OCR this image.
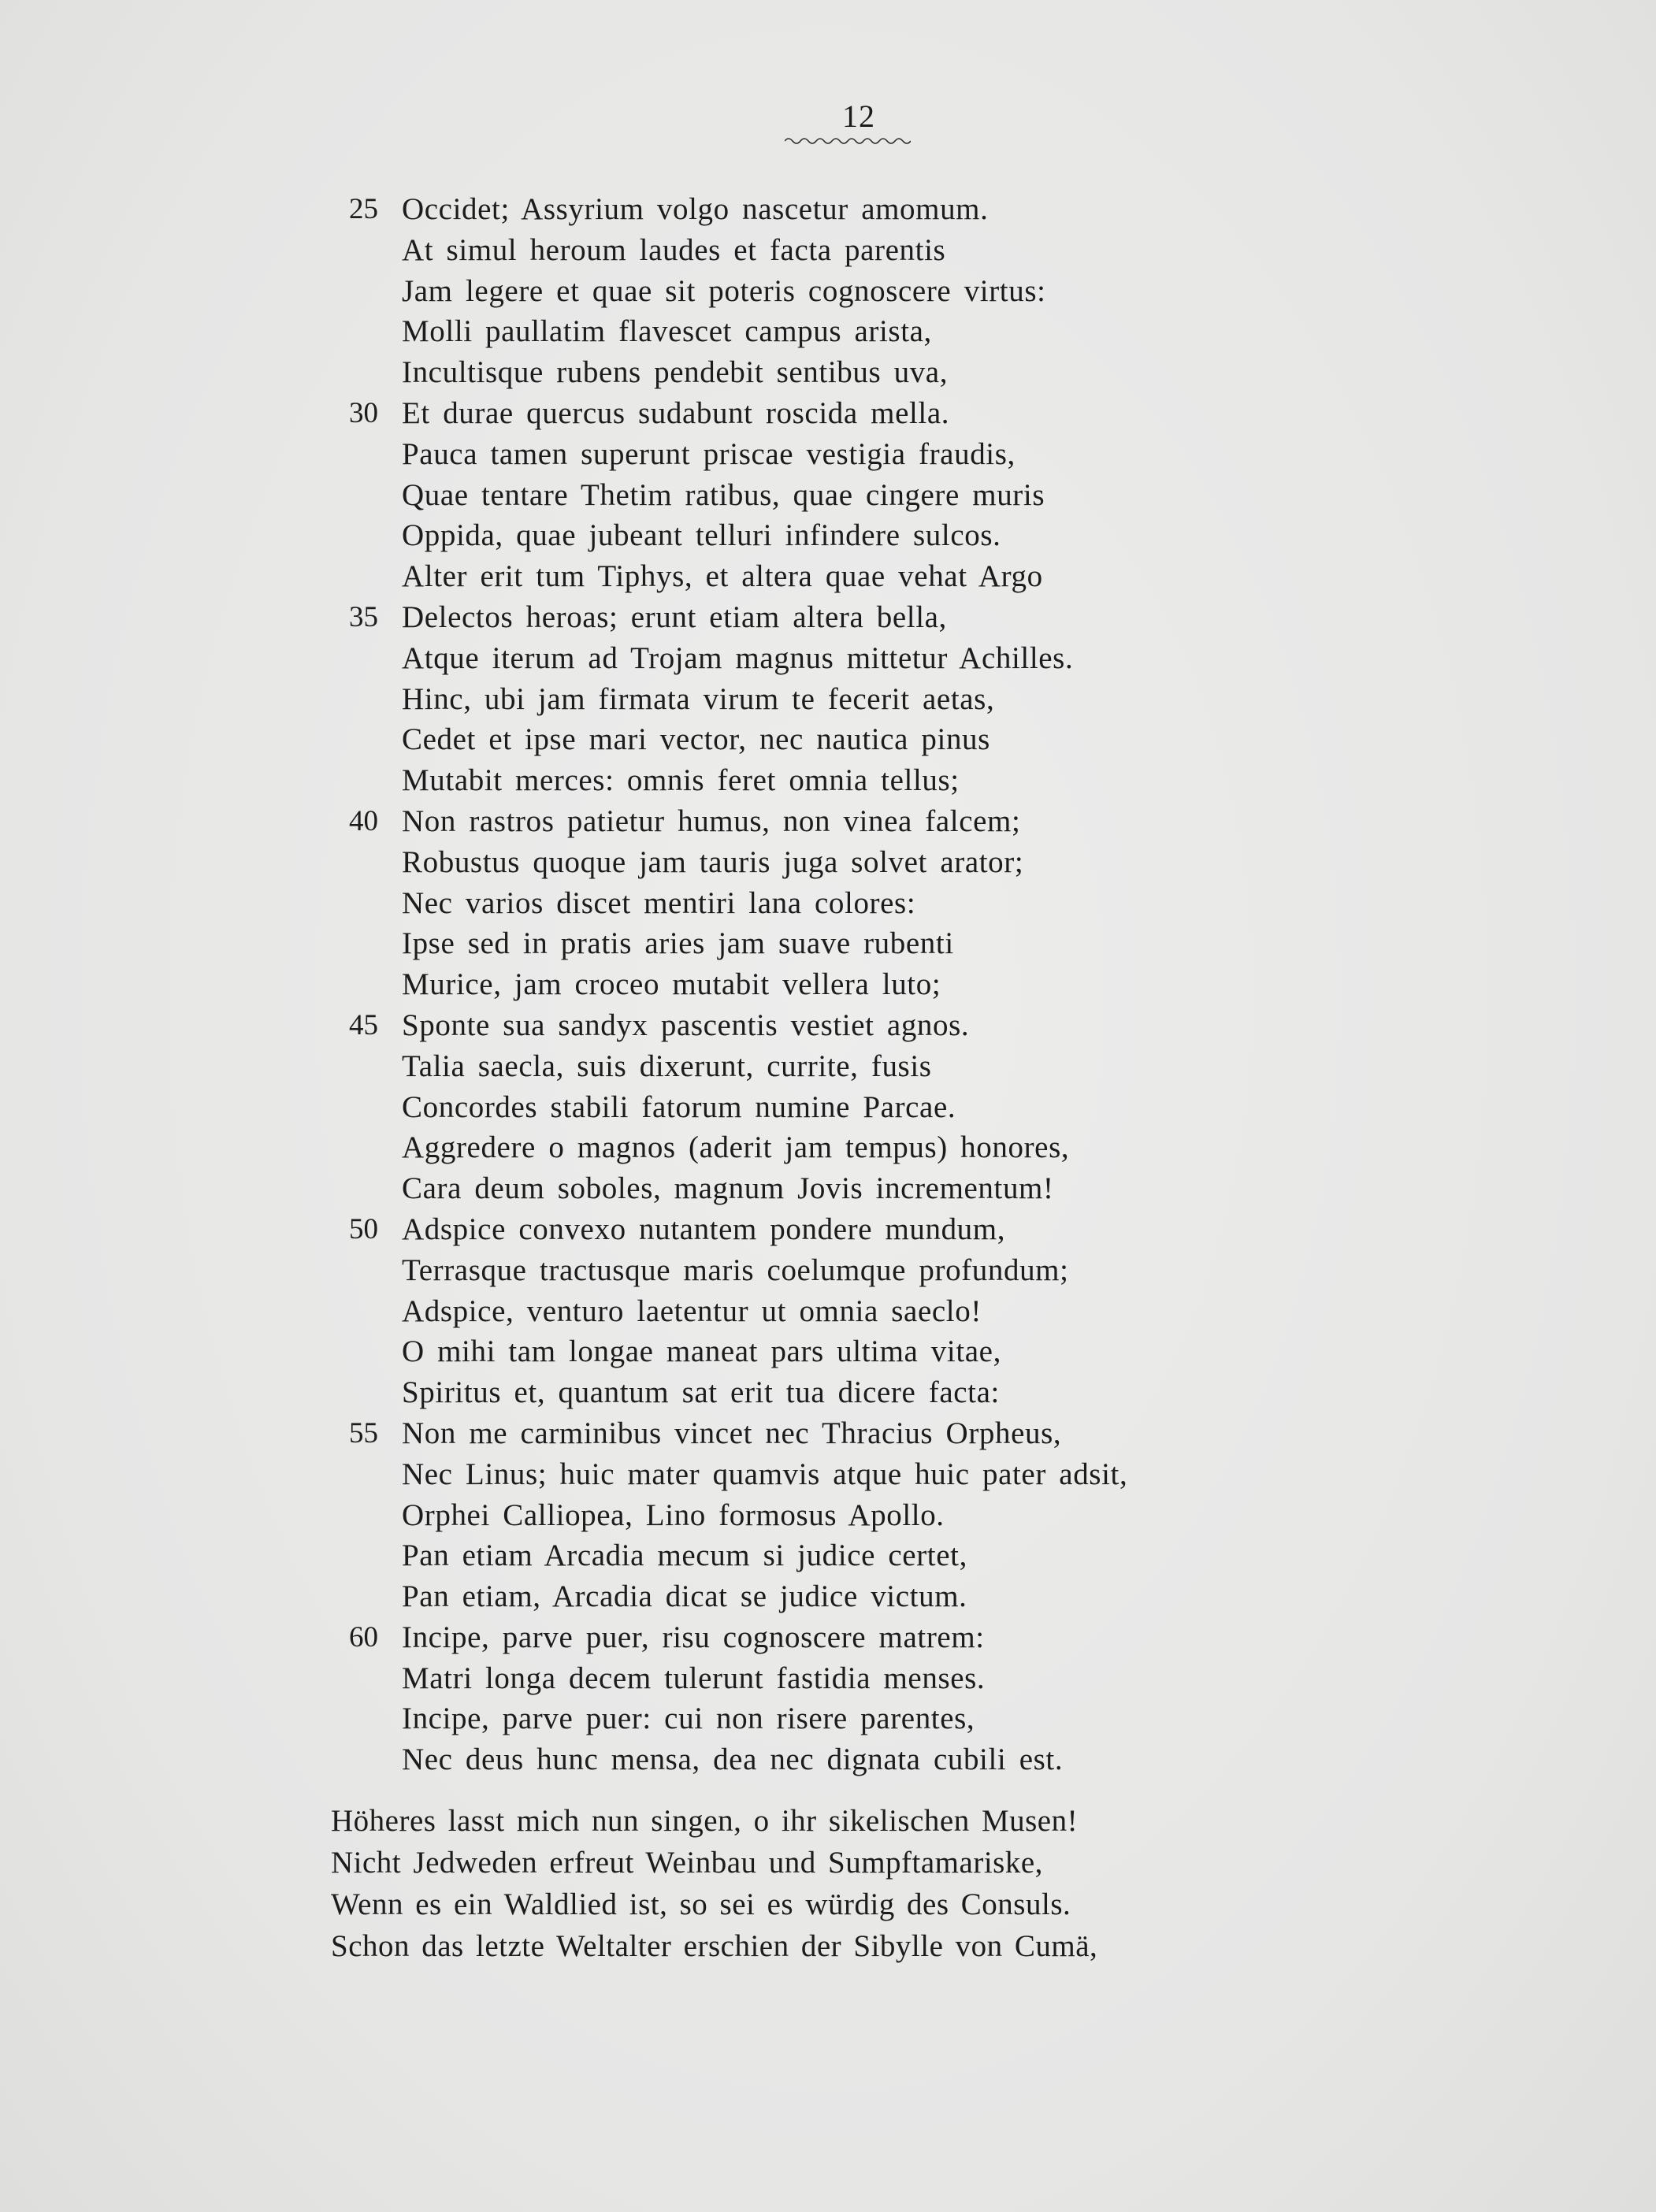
12
25 Occidet; Assyrium volgo nascetur amomum.
At simul heroum laudes et facta parentis
Jam legere et quae sit poteris cognoscere virtus:
Molli paullatim flavescet campus arista,
Incultisque rubens pendebit sentibus uva,
30 Et durae quercus sudabunt roscida mella.
Pauca tamen superunt priscae vestigia fraudis,
Quae tentare Thetim ratibus, quae cingere muris
Oppida, quae jubeant telluri infindere sulcos.
Alter erit tum Tiphys, et altera quae vehat Argo
35 Delectos heroas; erunt etiam altera bella,
Atque iterum ad Trojam magnus mittetur Achilles.
Hinc, ubi jam firmata virum te fecerit aetas,
Cedet et ipse mari vector, nec nautica pinus
Mutabit merces: omnis feret omnia tellus;
40 Non rastros patietur humus, non vinea falcem;
Robustus quoque jam tauris juga solvet arator;
Nec varios discet mentiri lana colores:
Ipse sed in pratis aries jam suave rubenti
Murice, jam croceo mutabit vellera luto;
45 Sponte sua sandyx pascentis vestiet agnos.
Talia saecla, suis dixerunt, currite, fusis
Concordes stabili fatorum numine Parcae.
Aggredere o magnos (aderit jam tempus) honores,
Cara deum soboles, magnum Jovis incrementum!
50 Adspice convexo nutantem pondere mundum,
Terrasque tractusque maris coelumque profundum;
Adspice, venturo laetentur ut omnia saeclo!
O mihi tam longae maneat pars ultima vitae,
Spiritus et, quantum sat erit tua dicere facta:
55 Non me carminibus vincet nec Thracius Orpheus,
Nec Linus; huic mater quamvis atque huic pater adsit,
Orphei Calliopea, Lino formosus Apollo.
Pan etiam Arcadia mecum si judice certet,
Pan etiam, Arcadia dicat se judice victum.
60 Incipe, parve puer, risu cognoscere matrem:
Matri longa decem tulerunt fastidia menses.
Incipe, parve puer: cui non risere parentes,
Nec deus hunc mensa, dea nec dignata cubili est.
Höheres lasst mich nun singen, o ihr sikelischen Musen!
Nicht Jedweden erfreut Weinbau und Sumpftamariske,
Wenn es ein Waldlied ist, so sei es würdig des Consuls.
Schon das letzte Weltalter erschien der Sibylle von Cumä,
